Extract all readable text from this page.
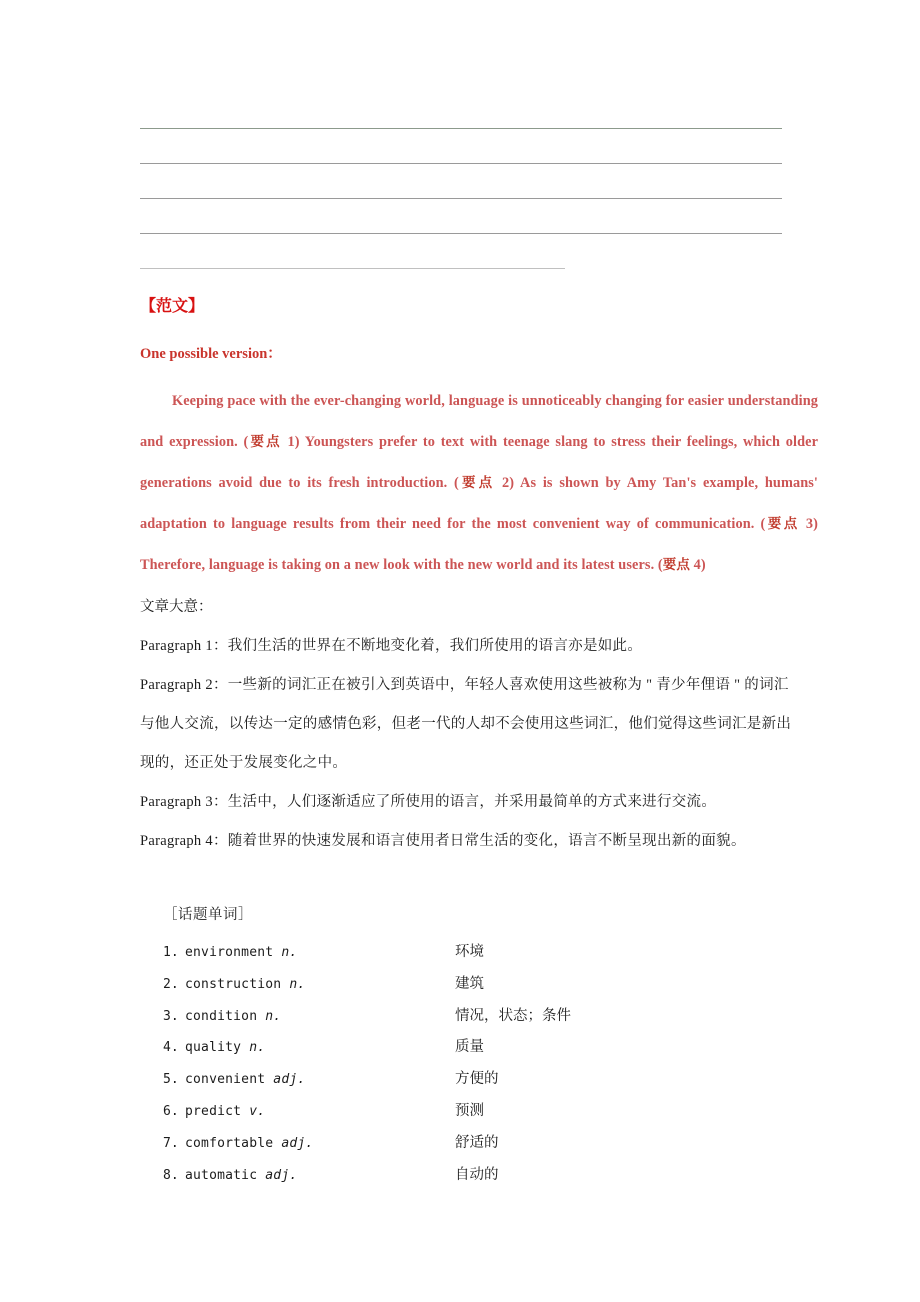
【范文】
One possible version：
Keeping pace with the ever-changing world, language is unnoticeably changing for easier understanding and expression. (要点 1) Youngsters prefer to text with teenage slang to stress their feelings, which older generations avoid due to its fresh introduction. (要点 2) As is shown by Amy Tan's example, humans' adaptation to language results from their need for the most convenient way of communication. (要点 3) Therefore, language is taking on a new look with the new world and its latest users. (要点 4)
文章大意：
Paragraph 1：我们生活的世界在不断地变化着，我们所使用的语言亦是如此。
Paragraph 2：一些新的词汇正在被引入到英语中，年轻人喜欢使用这些被称为 " 青少年俚语 " 的词汇与他人交流，以传达一定的感情色彩，但老一代的人却不会使用这些词汇，他们觉得这些词汇是新出现的，还正处于发展变化之中。
Paragraph 3：生活中，人们逐渐适应了所使用的语言，并采用最简单的方式来进行交流。
Paragraph 4：随着世界的快速发展和语言使用者日常生活的变化，语言不断呈现出新的面貌。
［话题单词］
1. environment n.	环境
2. construction n.	建筑
3. condition n.	情况，状态；条件
4. quality n.	质量
5. convenient adj.	方便的
6. predict v.	预测
7. comfortable adj.	舒适的
8. automatic adj.	自动的
